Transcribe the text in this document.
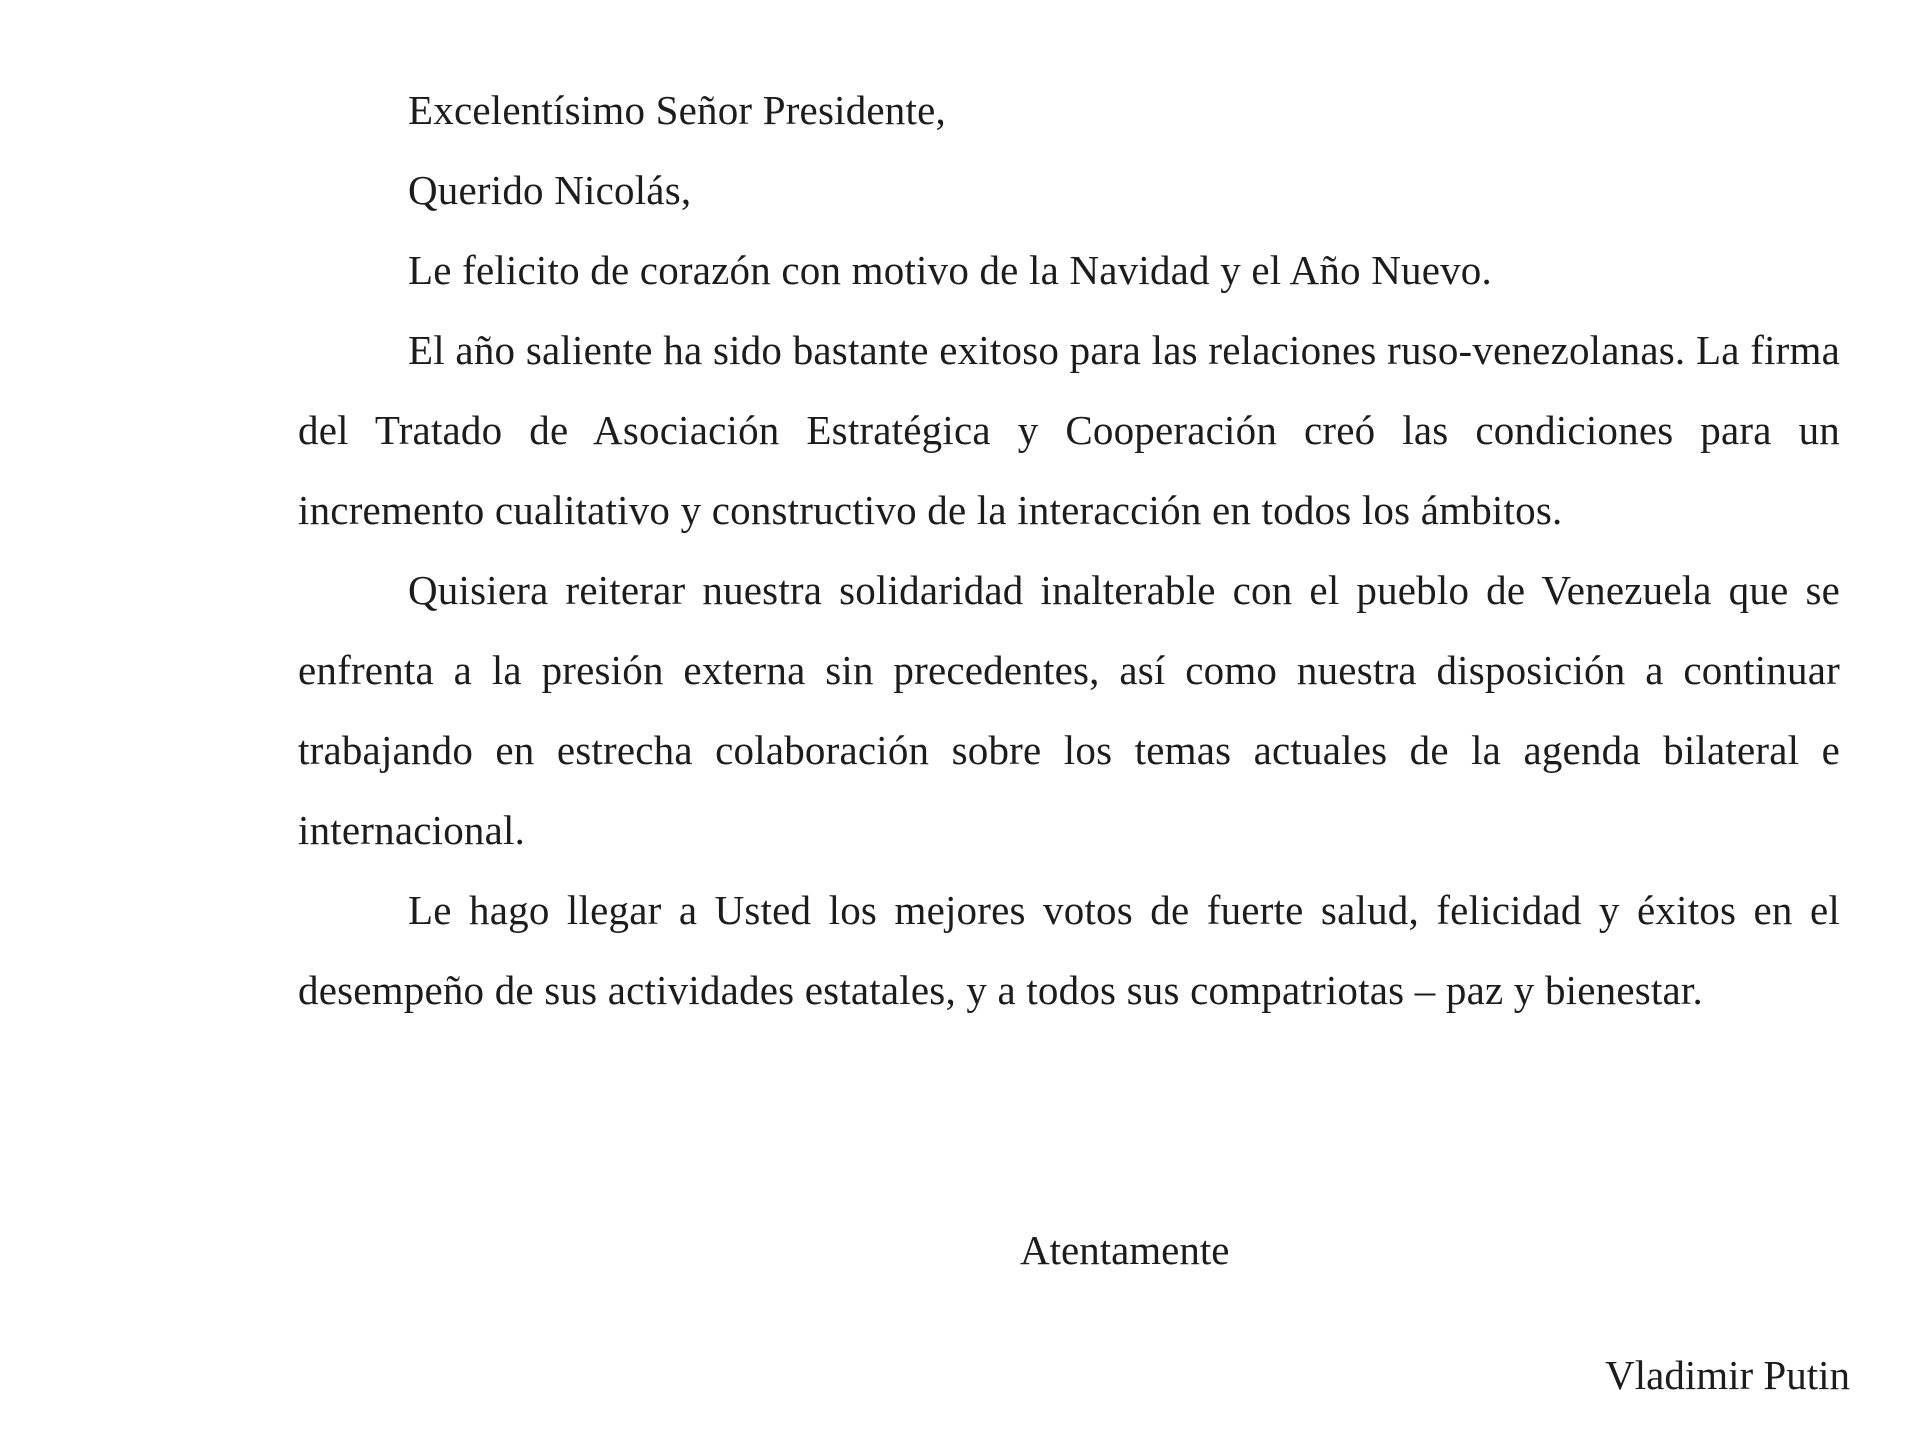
Excelentísimo Señor Presidente,
Querido Nicolás,
Le felicito de corazón con motivo de la Navidad y el Año Nuevo.
El año saliente ha sido bastante exitoso para las relaciones ruso-venezolanas. La firma del Tratado de Asociación Estratégica y Cooperación creó las condiciones para un incremento cualitativo y constructivo de la interacción en todos los ámbitos.
Quisiera reiterar nuestra solidaridad inalterable con el pueblo de Venezuela que se enfrenta a la presión externa sin precedentes, así como nuestra disposición a continuar trabajando en estrecha colaboración sobre los temas actuales de la agenda bilateral e internacional.
Le hago llegar a Usted los mejores votos de fuerte salud, felicidad y éxitos en el desempeño de sus actividades estatales, y a todos sus compatriotas – paz y bienestar.
Atentamente
Vladimir Putin
